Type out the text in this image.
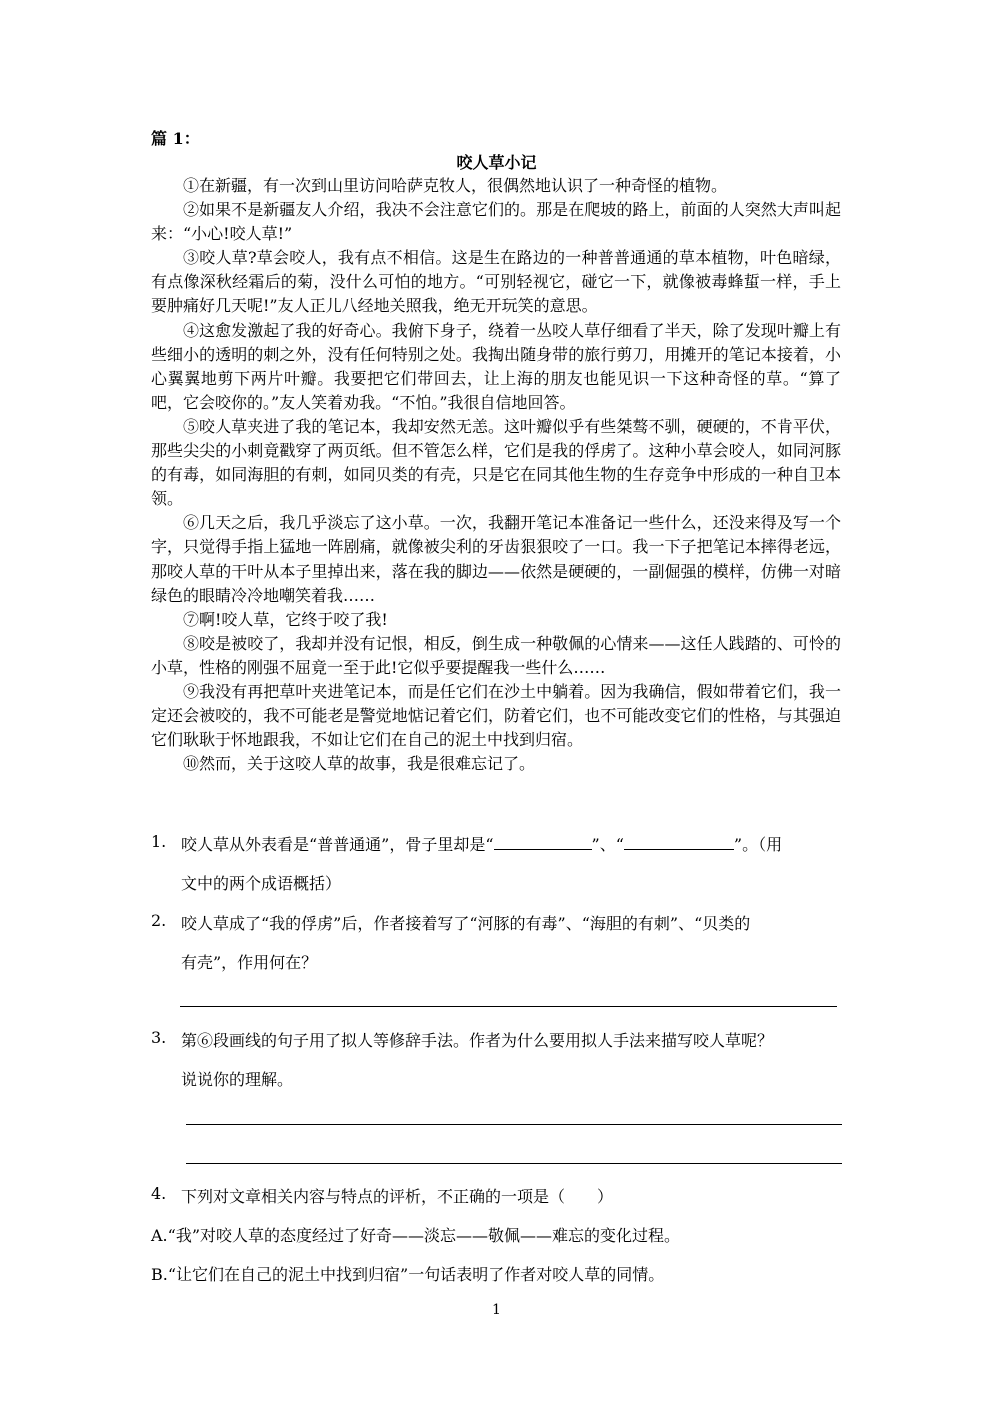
篇 1：
咬人草小记

①在新疆，有一次到山里访问哈萨克牧人，很偶然地认识了一种奇怪的植物。

②如果不是新疆友人介绍，我决不会注意它们的。那是在爬坡的路上，前面的人突然大声叫起来：“小心!咬人草!”

③咬人草?草会咬人，我有点不相信。这是生在路边的一种普普通通的草本植物，叶色暗绿，有点像深秋经霜后的菊，没什么可怕的地方。“可别轻视它，碰它一下，就像被毒蜂蜇一样，手上要肿痛好几天呢!”友人正儿八经地关照我，绝无开玩笑的意思。

④这愈发激起了我的好奇心。我俯下身子，绕着一丛咬人草仔细看了半天，除了发现叶瓣上有些细小的透明的刺之外，没有任何特别之处。我掏出随身带的旅行剪刀，用摊开的笔记本接着，小心翼翼地剪下两片叶瓣。我要把它们带回去，让上海的朋友也能见识一下这种奇怪的草。“算了吧，它会咬你的。”友人笑着劝我。“不怕。”我很自信地回答。

⑤咬人草夹进了我的笔记本，我却安然无恙。这叶瓣似乎有些桀骜不驯，硬硬的，不肯平伏，那些尖尖的小刺竟戳穿了两页纸。但不管怎么样，它们是我的俘虏了。这种小草会咬人，如同河豚的有毒，如同海胆的有刺，如同贝类的有壳，只是它在同其他生物的生存竞争中形成的一种自卫本领。

⑥几天之后，我几乎淡忘了这小草。一次，我翻开笔记本准备记一些什么，还没来得及写一个字，只觉得手指上猛地一阵剧痛，就像被尖利的牙齿狠狠咬了一口。我一下子把笔记本摔得老远，那咬人草的干叶从本子里掉出来，落在我的脚边——依然是硬硬的，一副倔强的模样，仿佛一对暗绿色的眼睛冷冷地嘲笑着我……

⑦啊!咬人草，它终于咬了我!

⑧咬是被咬了，我却并没有记恨，相反，倒生成一种敬佩的心情来——这任人践踏的、可怜的小草，性格的刚强不屈竟一至于此!它似乎要提醒我一些什么……

⑨我没有再把草叶夹进笔记本，而是任它们在沙土中躺着。因为我确信，假如带着它们，我一定还会被咬的，我不可能老是警觉地惦记着它们，防着它们，也不可能改变它们的性格，与其强迫它们耿耿于怀地跟我，不如让它们在自己的泥土中找到归宿。

⑩然而，关于这咬人草的故事，我是很难忘记了。

1. 咬人草从外表看是“普普通通”，骨子里却是“	”、“	”。（用
文中的两个成语概括）
2. 咬人草成了“我的俘虏”后，作者接着写了“河豚的有毒”、“海胆的有刺”、“贝类的
有壳”，作用何在？
3. 第⑥段画线的句子用了拟人等修辞手法。作者为什么要用拟人手法来描写咬人草呢？
说说你的理解。
4. 下列对文章相关内容与特点的评析，不正确的一项是（　　）
A.“我”对咬人草的态度经过了好奇——淡忘——敬佩——难忘的变化过程。
B.“让它们在自己的泥土中找到归宿”一句话表明了作者对咬人草的同情。
1
